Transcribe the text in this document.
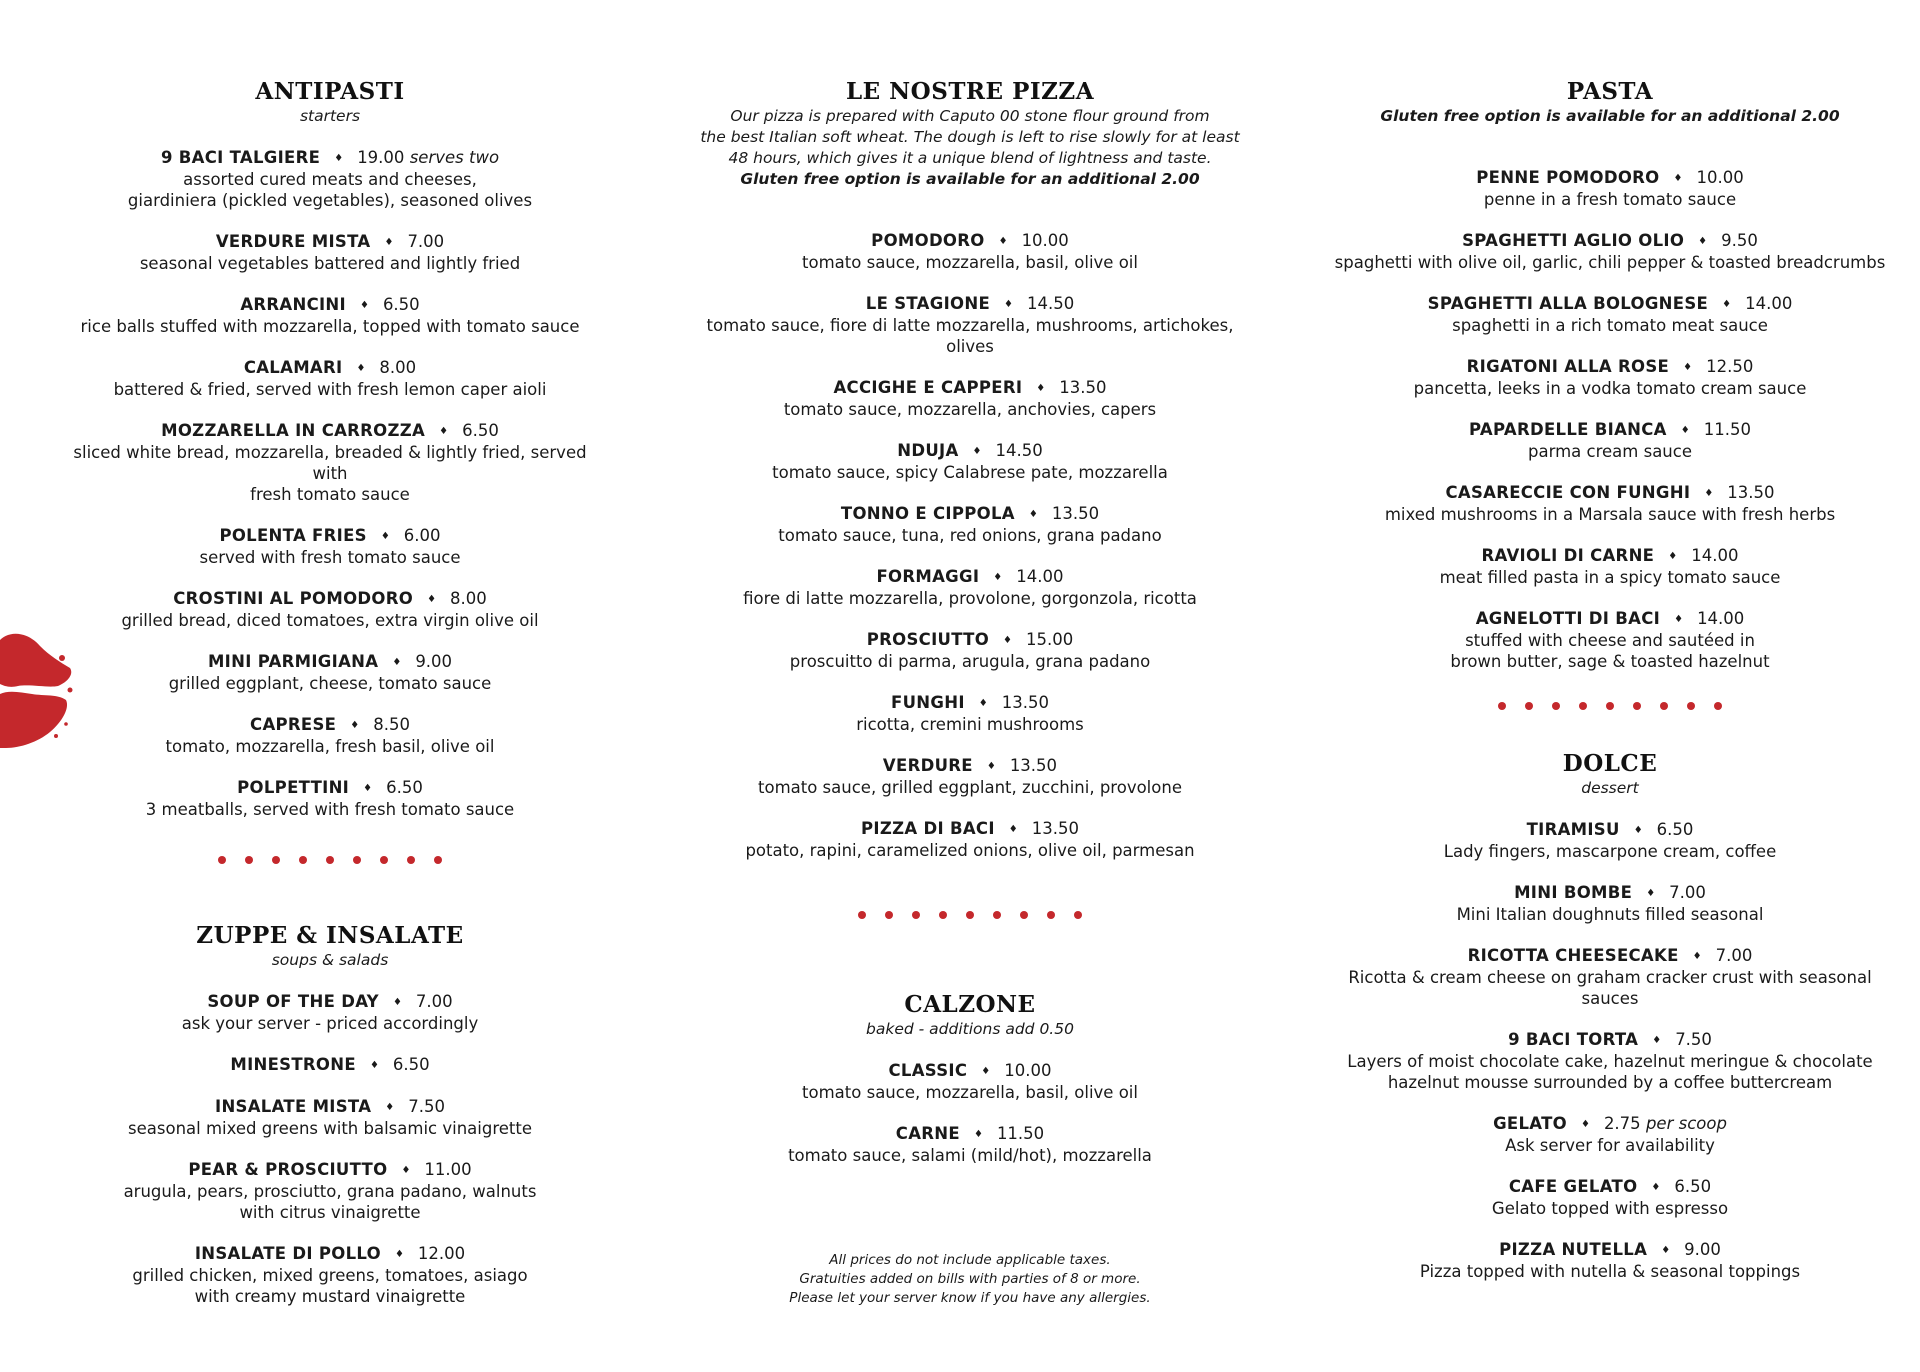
ANTIPASTI

starters

9 BACI TALGIERE ♦ 19.00 serves two
assorted cured meats and cheeses,
giardiniera (pickled vegetables), seasoned olives
VERDURE MISTA ♦ 7.00
seasonal vegetables battered and lightly fried
ARRANCINI ♦ 6.50
rice balls stuffed with mozzarella, topped with tomato sauce
CALAMARI ♦ 8.00
battered & fried, served with fresh lemon caper aioli
MOZZARELLA IN CARROZZA ♦ 6.50
sliced white bread, mozzarella, breaded & lightly fried, served with
fresh tomato sauce
POLENTA FRIES ♦ 6.00
served with fresh tomato sauce
CROSTINI AL POMODORO ♦ 8.00
grilled bread, diced tomatoes, extra virgin olive oil
MINI PARMIGIANA ♦ 9.00
grilled eggplant, cheese, tomato sauce
CAPRESE ♦ 8.50
tomato, mozzarella, fresh basil, olive oil
POLPETTINI ♦ 6.50
3 meatballs, served with fresh tomato sauce
ZUPPE & INSALATE

soups & salads

SOUP OF THE DAY ♦ 7.00
ask your server - priced accordingly
MINESTRONE ♦ 6.50
INSALATE MISTA ♦ 7.50
seasonal mixed greens with balsamic vinaigrette
PEAR & PROSCIUTTO ♦ 11.00
arugula, pears, prosciutto, grana padano, walnuts
with citrus vinaigrette
INSALATE DI POLLO ♦ 12.00
grilled chicken, mixed greens, tomatoes, asiago
with creamy mustard vinaigrette
LE NOSTRE PIZZA

Our pizza is prepared with Caputo 00 stone flour ground from

the best Italian soft wheat. The dough is left to rise slowly for at least

48 hours, which gives it a unique blend of lightness and taste.

Gluten free option is available for an additional 2.00

POMODORO ♦ 10.00
tomato sauce, mozzarella, basil, olive oil
LE STAGIONE ♦ 14.50
tomato sauce, fiore di latte mozzarella, mushrooms, artichokes, olives
ACCIGHE E CAPPERI ♦ 13.50
tomato sauce, mozzarella, anchovies, capers
NDUJA ♦ 14.50
tomato sauce, spicy Calabrese pate, mozzarella
TONNO E CIPPOLA ♦ 13.50
tomato sauce, tuna, red onions, grana padano
FORMAGGI ♦ 14.00
fiore di latte mozzarella, provolone, gorgonzola, ricotta
PROSCIUTTO ♦ 15.00
proscuitto di parma, arugula, grana padano
FUNGHI ♦ 13.50
ricotta, cremini mushrooms
VERDURE ♦ 13.50
tomato sauce, grilled eggplant, zucchini, provolone
PIZZA DI BACI ♦ 13.50
potato, rapini, caramelized onions, olive oil, parmesan
CALZONE

baked - additions add 0.50

CLASSIC ♦ 10.00
tomato sauce, mozzarella, basil, olive oil
CARNE ♦ 11.50
tomato sauce, salami (mild/hot), mozzarella
All prices do not include applicable taxes.
Gratuities added on bills with parties of 8 or more.
Please let your server know if you have any allergies.
PASTA

Gluten free option is available for an additional 2.00

PENNE POMODORO ♦ 10.00
penne in a fresh tomato sauce
SPAGHETTI AGLIO OLIO ♦ 9.50
spaghetti with olive oil, garlic, chili pepper & toasted breadcrumbs
SPAGHETTI ALLA BOLOGNESE ♦ 14.00
spaghetti in a rich tomato meat sauce
RIGATONI ALLA ROSE ♦ 12.50
pancetta, leeks in a vodka tomato cream sauce
PAPARDELLE BIANCA ♦ 11.50
parma cream sauce
CASARECCIE CON FUNGHI ♦ 13.50
mixed mushrooms in a Marsala sauce with fresh herbs
RAVIOLI DI CARNE ♦ 14.00
meat filled pasta in a spicy tomato sauce
AGNELOTTI DI BACI ♦ 14.00
stuffed with cheese and sautéed in
brown butter, sage & toasted hazelnut
DOLCE

dessert

TIRAMISU ♦ 6.50
Lady fingers, mascarpone cream, coffee
MINI BOMBE ♦ 7.00
Mini Italian doughnuts filled seasonal
RICOTTA CHEESECAKE ♦ 7.00
Ricotta & cream cheese on graham cracker crust with seasonal
sauces
9 BACI TORTA ♦ 7.50
Layers of moist chocolate cake, hazelnut meringue & chocolate
hazelnut mousse surrounded by a coffee buttercream
GELATO ♦ 2.75 per scoop
Ask server for availability
CAFE GELATO ♦ 6.50
Gelato topped with espresso
PIZZA NUTELLA ♦ 9.00
Pizza topped with nutella & seasonal toppings
